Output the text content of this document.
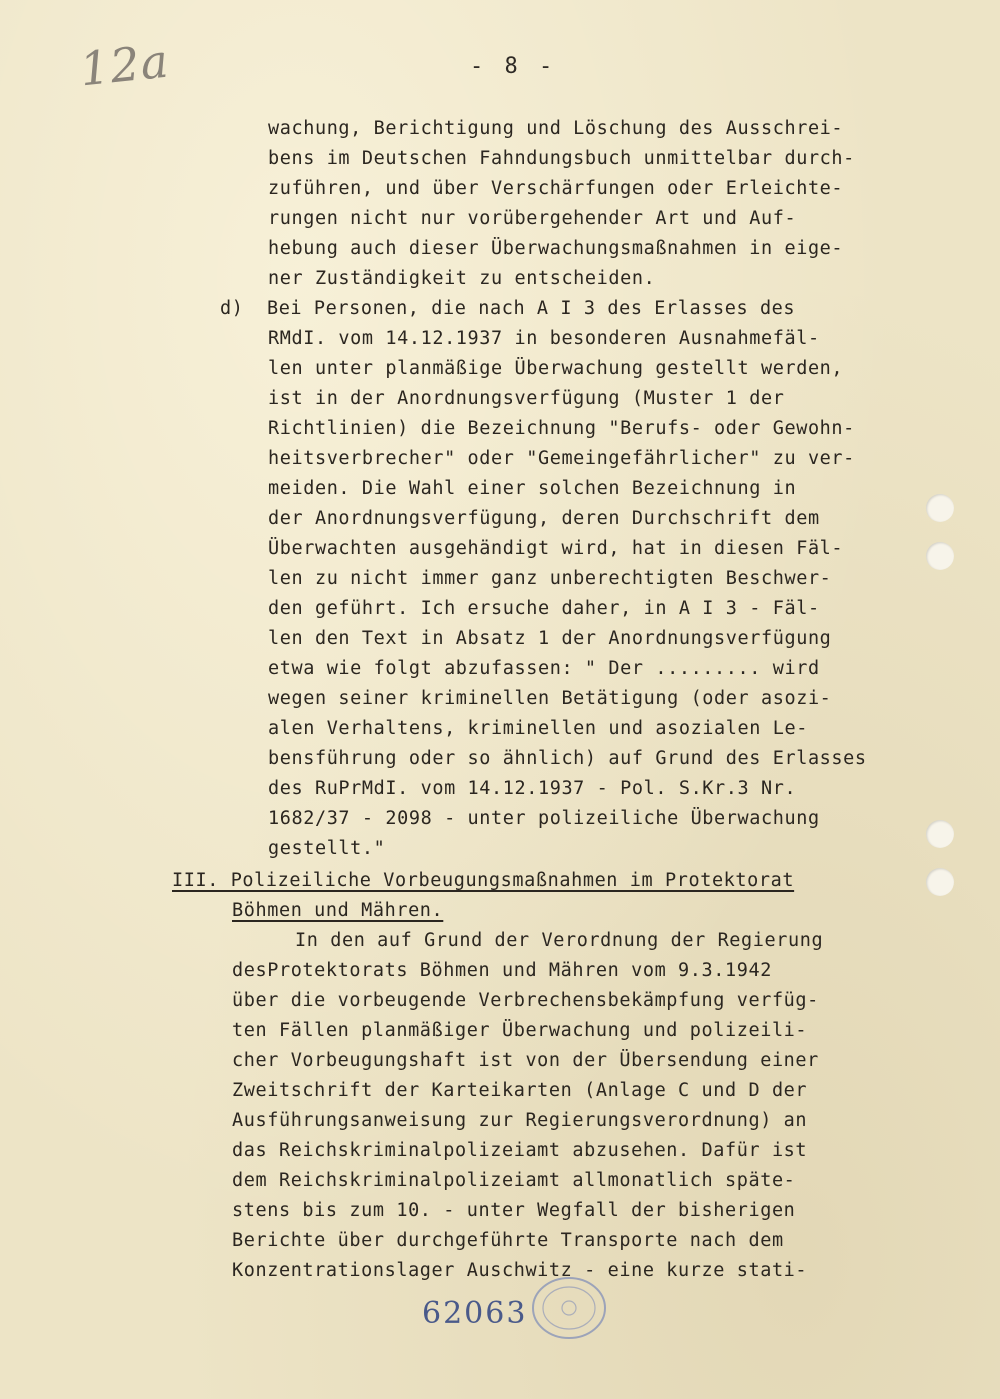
12a	- 8 -
wachung, Berichtigung und Löschung des Ausschrei-
bens im Deutschen Fahndungsbuch unmittelbar durch-
zuführen, und über Verschärfungen oder Erleichte-
rungen nicht nur vorübergehender Art und Auf-
hebung auch dieser Überwachungsmaßnahmen in eige-
ner Zuständigkeit zu entscheiden.
d)  Bei Personen, die nach A I 3 des Erlasses des
RMdI. vom 14.12.1937 in besonderen Ausnahmefäl-
len unter planmäßige Überwachung gestellt werden,
ist in der Anordnungsverfügung (Muster 1 der
Richtlinien) die Bezeichnung "Berufs- oder Gewohn-
heitsverbrecher" oder "Gemeingefährlicher" zu ver-
meiden. Die Wahl einer solchen Bezeichnung in
der Anordnungsverfügung, deren Durchschrift dem
Überwachten ausgehändigt wird, hat in diesen Fäl-
len zu nicht immer ganz unberechtigten Beschwer-
den geführt. Ich ersuche daher, in A I 3 - Fäl-
len den Text in Absatz 1 der Anordnungsverfügung
etwa wie folgt abzufassen: " Der ......... wird
wegen seiner kriminellen Betätigung (oder asozi-
alen Verhaltens, kriminellen und asozialen Le-
bensführung oder so ähnlich) auf Grund des Erlasses
des RuPrMdI. vom 14.12.1937 - Pol. S.Kr.3 Nr.
1682/37 - 2098 - unter polizeiliche Überwachung
gestellt."
III. Polizeiliche Vorbeugungsmaßnahmen im Protektorat
Böhmen und Mähren.
In den auf Grund der Verordnung der Regierung
desProtektorats Böhmen und Mähren vom 9.3.1942
über die vorbeugende Verbrechensbekämpfung verfüg-
ten Fällen planmäßiger Überwachung und polizeili-
cher Vorbeugungshaft ist von der Übersendung einer
Zweitschrift der Karteikarten (Anlage C und D der
Ausführungsanweisung zur Regierungsverordnung) an
das Reichskriminalpolizeiamt abzusehen. Dafür ist
dem Reichskriminalpolizeiamt allmonatlich späte-
stens bis zum 10. - unter Wegfall der bisherigen
Berichte über durchgeführte Transporte nach dem
Konzentrationslager Auschwitz - eine kurze stati-
62063
